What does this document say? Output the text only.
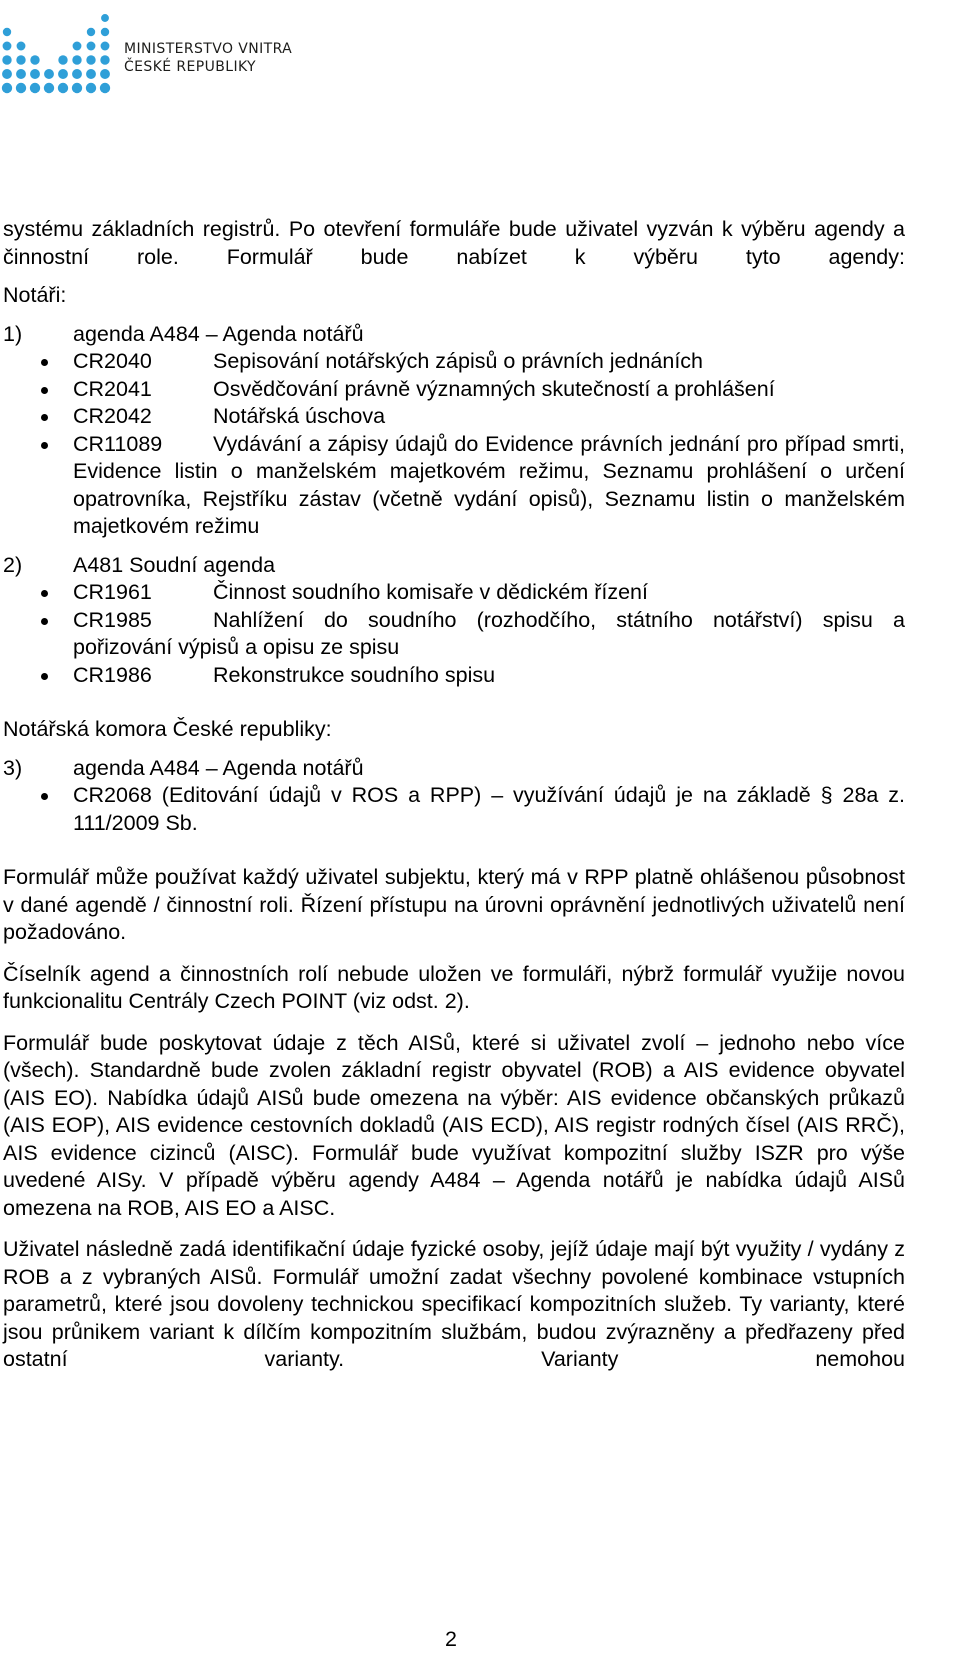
MINISTERSTVO VNITRA
ČESKÉ REPUBLIKY

systému základních registrů. Po otevření formuláře bude uživatel vyzván k výběru agendy a činnostní role. Formulář bude nabízet k výběru tyto agendy:

Notáři:

1) agenda A484 – Agenda notářů
CR2040	Sepisování notářských zápisů o právních jednáních
CR2041	Osvědčování právně významných skutečností a prohlášení
CR2042	Notářská úschova
CR11089 Vydávání a zápisy údajů do Evidence právních jednání pro případ smrti, Evidence listin o manželském majetkovém režimu, Seznamu prohlášení o určení opatrovníka, Rejstříku zástav (včetně vydání opisů), Seznamu listin o manželském majetkovém režimu
2) A481 Soudní agenda
CR1961	Činnost soudního komisaře v dědickém řízení
CR1985	Nahlížení do soudního (rozhodčího, státního notářství) spisu a pořizování výpisů a opisu ze spisu
CR1986	Rekonstrukce soudního spisu

Notářská komora České republiky:

3) agenda A484 – Agenda notářů
CR2068 (Editování údajů v ROS a RPP) – využívání údajů je na základě § 28a z. 111/2009 Sb.

Formulář může používat každý uživatel subjektu, který má v RPP platně ohlášenou působnost v dané agendě / činnostní roli. Řízení přístupu na úrovni oprávnění jednotlivých uživatelů není požadováno.

Číselník agend a činnostních rolí nebude uložen ve formuláři, nýbrž formulář využije novou funkcionalitu Centrály Czech POINT (viz odst. 2).

Formulář bude poskytovat údaje z těch AISů, které si uživatel zvolí – jednoho nebo více (všech). Standardně bude zvolen základní registr obyvatel (ROB) a AIS evidence obyvatel (AIS EO). Nabídka údajů AISů bude omezena na výběr: AIS evidence občanských průkazů (AIS EOP), AIS evidence cestovních dokladů (AIS ECD), AIS registr rodných čísel (AIS RRČ), AIS evidence cizinců (AISC). Formulář bude využívat kompozitní služby ISZR pro výše uvedené AISy. V případě výběru agendy A484 – Agenda notářů je nabídka údajů AISů omezena na ROB, AIS EO a AISC.

Uživatel následně zadá identifikační údaje fyzické osoby, jejíž údaje mají být využity / vydány z ROB a z vybraných AISů. Formulář umožní zadat všechny povolené kombinace vstupních parametrů, které jsou dovoleny technickou specifikací kompozitních služeb. Ty varianty, které jsou průnikem variant k dílčím kompozitním službám, budou zvýrazněny a předřazeny před ostatní varianty. Varianty nemohou

2
